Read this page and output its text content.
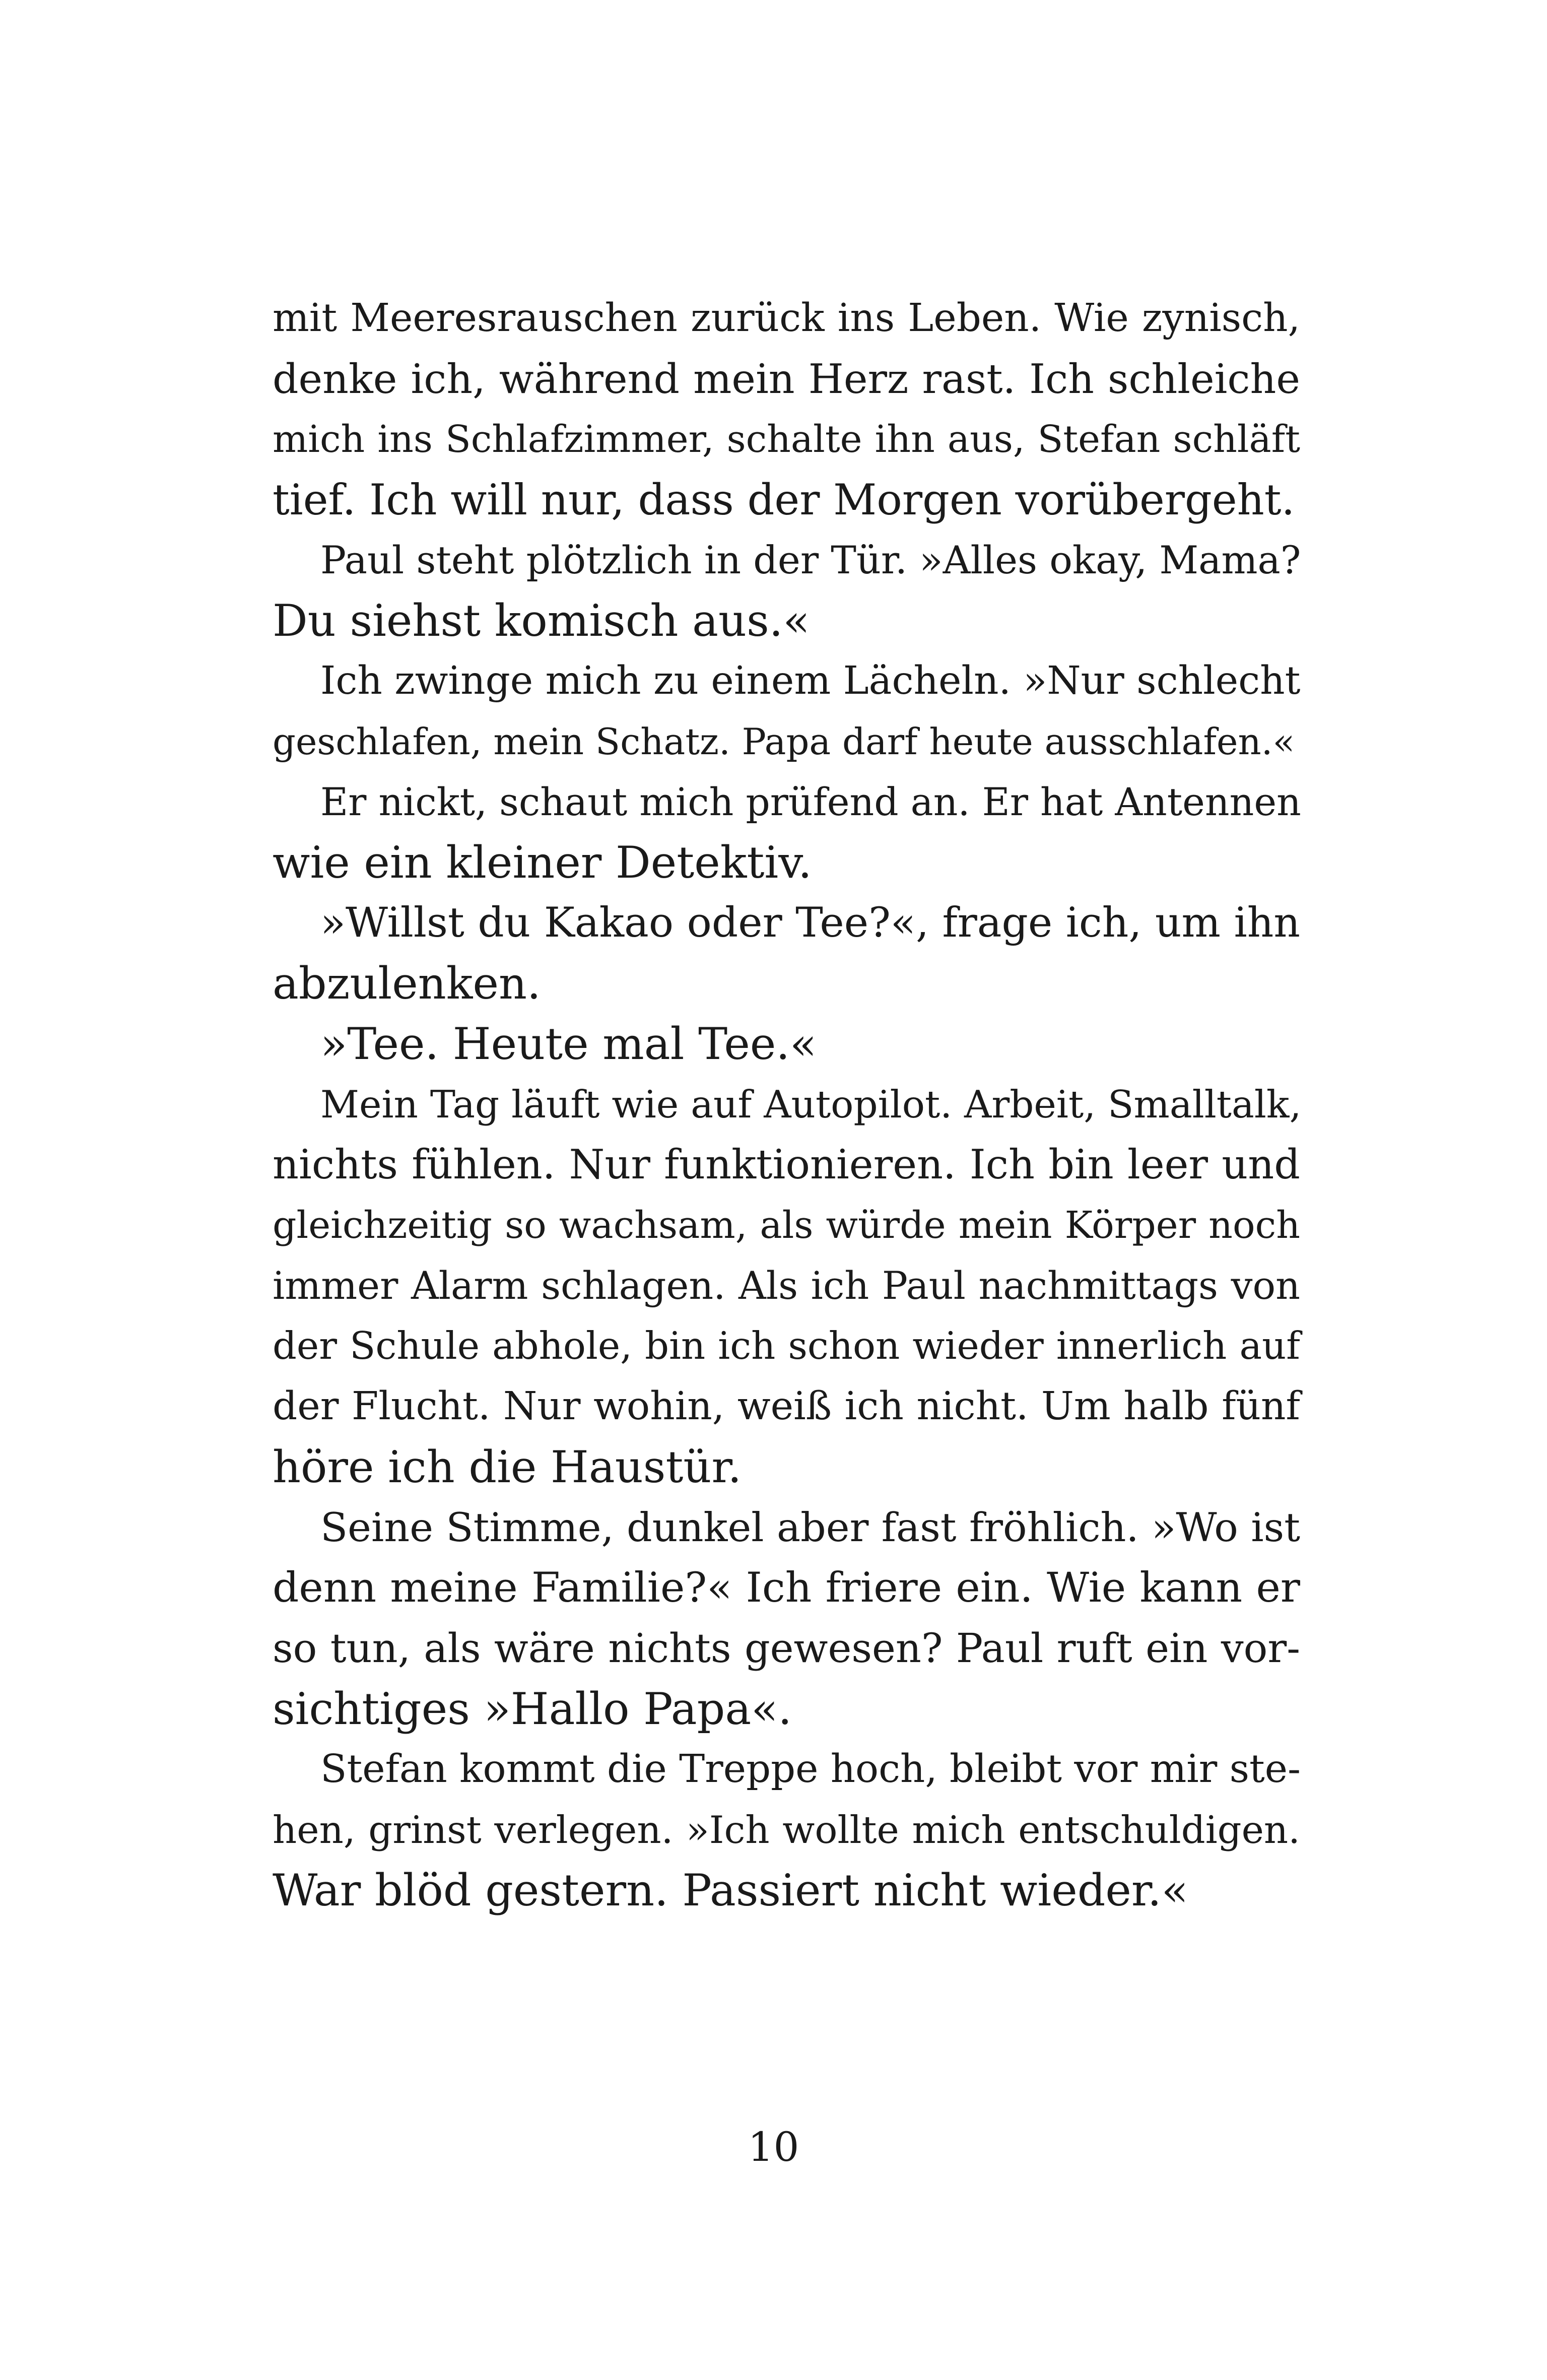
mit Meeresrauschen zurück ins Leben. Wie zynisch,
denke ich, während mein Herz rast. Ich schleiche
mich ins Schlafzimmer, schalte ihn aus, Stefan schläft
tief. Ich will nur, dass der Morgen vorübergeht.
Paul steht plötzlich in der Tür. »Alles okay, Mama?
Du siehst komisch aus.«
Ich zwinge mich zu einem Lächeln. »Nur schlecht
geschlafen, mein Schatz. Papa darf heute ausschlafen.«
Er nickt, schaut mich prüfend an. Er hat Antennen
wie ein kleiner Detektiv.
»Willst du Kakao oder Tee?«, frage ich, um ihn
abzulenken.
»Tee. Heute mal Tee.«
Mein Tag läuft wie auf Autopilot. Arbeit, Smalltalk,
nichts fühlen. Nur funktionieren. Ich bin leer und
gleichzeitig so wachsam, als würde mein Körper noch
immer Alarm schlagen. Als ich Paul nachmittags von
der Schule abhole, bin ich schon wieder innerlich auf
der Flucht. Nur wohin, weiß ich nicht. Um halb fünf
höre ich die Haustür.
Seine Stimme, dunkel aber fast fröhlich. »Wo ist
denn meine Familie?« Ich friere ein. Wie kann er
so tun, als wäre nichts gewesen? Paul ruft ein vor-
sichtiges »Hallo Papa«.
Stefan kommt die Treppe hoch, bleibt vor mir ste-
hen, grinst verlegen. »Ich wollte mich entschuldigen.
War blöd gestern. Passiert nicht wieder.«
10
